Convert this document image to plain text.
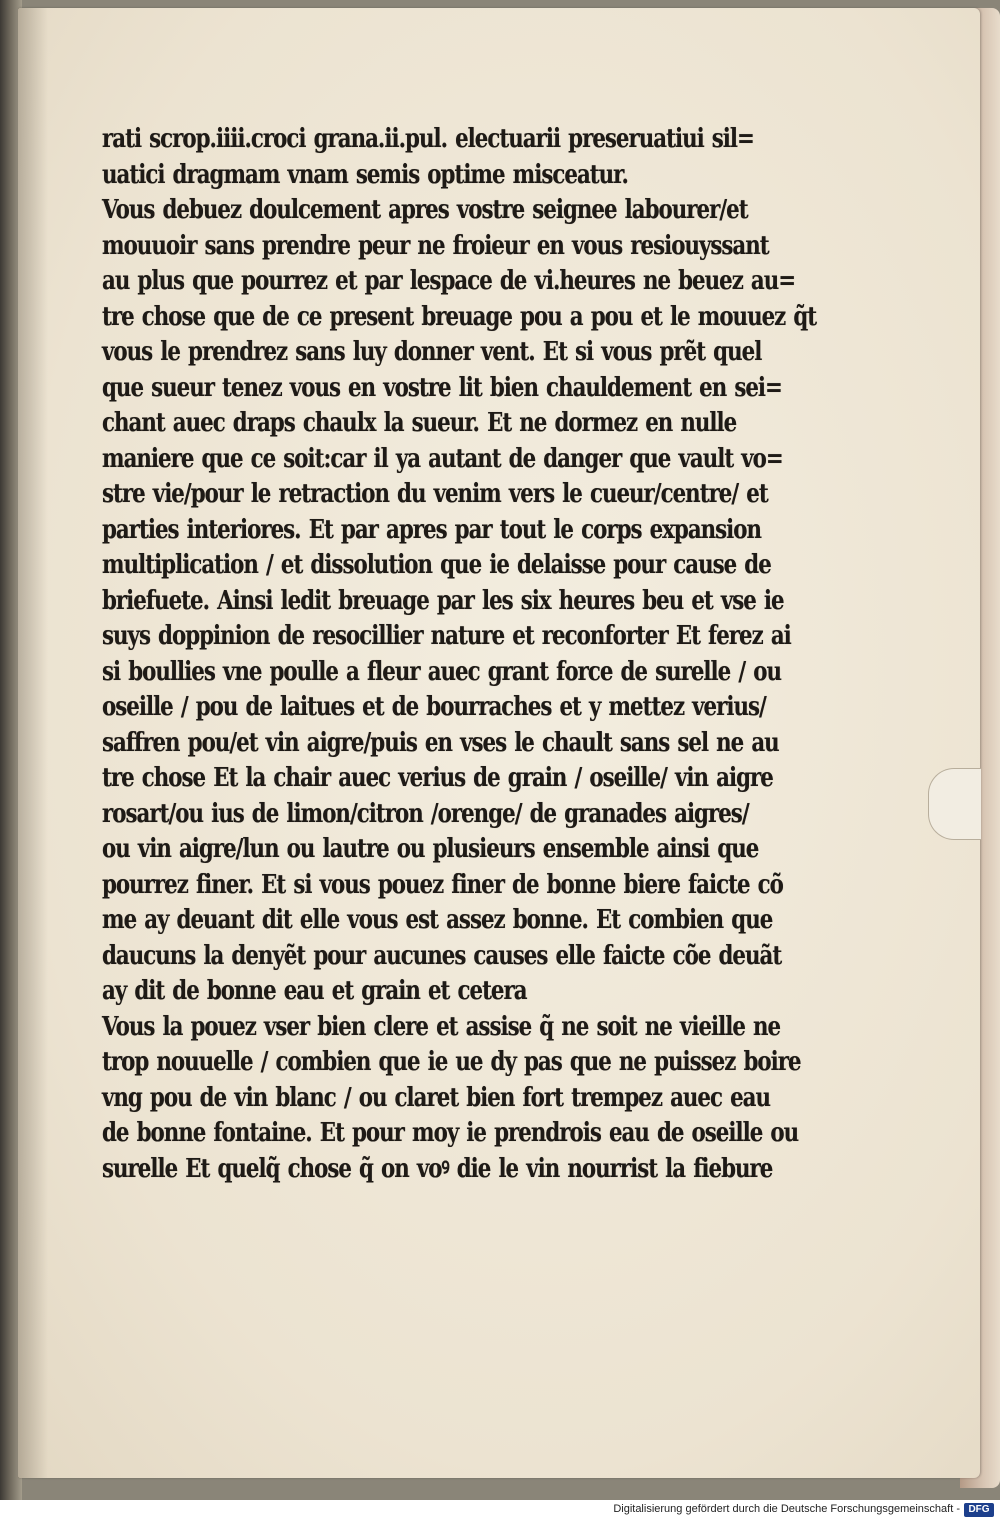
rati scrop.iiii.croci grana.ii.pul. electuarii preseruatiui sil=
uatici dragmam vnam semis optime misceatur.
Vous debuez doulcement apres vostre seignee labourer/et
mouuoir sans prendre peur ne froieur en vous resiouyssant
au plus que pourrez et par lespace de vi.heures ne beuez au=
tre chose que de ce present breuage pou a pou et le mouuez q̃t
vous le prendrez sans luy donner vent. Et si vous prẽt quel
que sueur tenez vous en vostre lit bien chauldement en sei=
chant auec draps chaulx la sueur. Et ne dormez en nulle
maniere que ce soit:car il ya autant de danger que vault vo=
stre vie/pour le retraction du venim vers le cueur/centre/ et
parties interiores. Et par apres par tout le corps expansion
multiplication / et dissolution que ie delaisse pour cause de
briefuete. Ainsi ledit breuage par les six heures beu et vse ie
suys doppinion de resocillier nature et reconforter Et ferez ai
si boullies vne poulle a fleur auec grant force de surelle / ou
oseille / pou de laitues et de bourraches et y mettez verius/
saffren pou/et vin aigre/puis en vses le chault sans sel ne au
tre chose Et la chair auec verius de grain / oseille/ vin aigre
rosart/ou ius de limon/citron /orenge/ de granades aigres/
ou vin aigre/lun ou lautre ou plusieurs ensemble ainsi que
pourrez finer. Et si vous pouez finer de bonne biere faicte cõ
me ay deuant dit elle vous est assez bonne. Et combien que
daucuns la denyẽt pour aucunes causes elle faicte cõe deuãt
ay dit de bonne eau et grain et cetera
Vous la pouez vser bien clere et assise q̃ ne soit ne vieille ne
trop nouuelle / combien que ie ue dy pas que ne puissez boire
vng pou de vin blanc / ou claret bien fort trempez auec eau
de bonne fontaine. Et pour moy ie prendrois eau de oseille ou
surelle Et quelq̃ chose q̃ on voꝰ die le vin nourrist la fiebure
Digitalisierung gefördert durch die Deutsche Forschungsgemeinschaft - DFG
